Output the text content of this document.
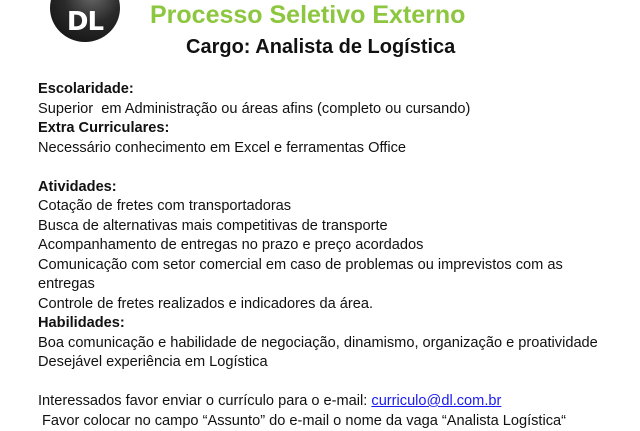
DL Processo Seletivo Externo
Cargo: Analista de Logística
Escolaridade:
Superior  em Administração ou áreas afins (completo ou cursando)
Extra Curriculares:
Necessário conhecimento em Excel e ferramentas Office
Atividades:
Cotação de fretes com transportadoras
Busca de alternativas mais competitivas de transporte
Acompanhamento de entregas no prazo e preço acordados
Comunicação com setor comercial em caso de problemas ou imprevistos com as entregas
Controle de fretes realizados e indicadores da área.
Habilidades:
Boa comunicação e habilidade de negociação, dinamismo, organização e proatividade
Desejável experiência em Logística
Interessados favor enviar o currículo para o e-mail: curriculo@dl.com.br
Favor colocar no campo “Assunto” do e-mail o nome da vaga “Analista Logística“
